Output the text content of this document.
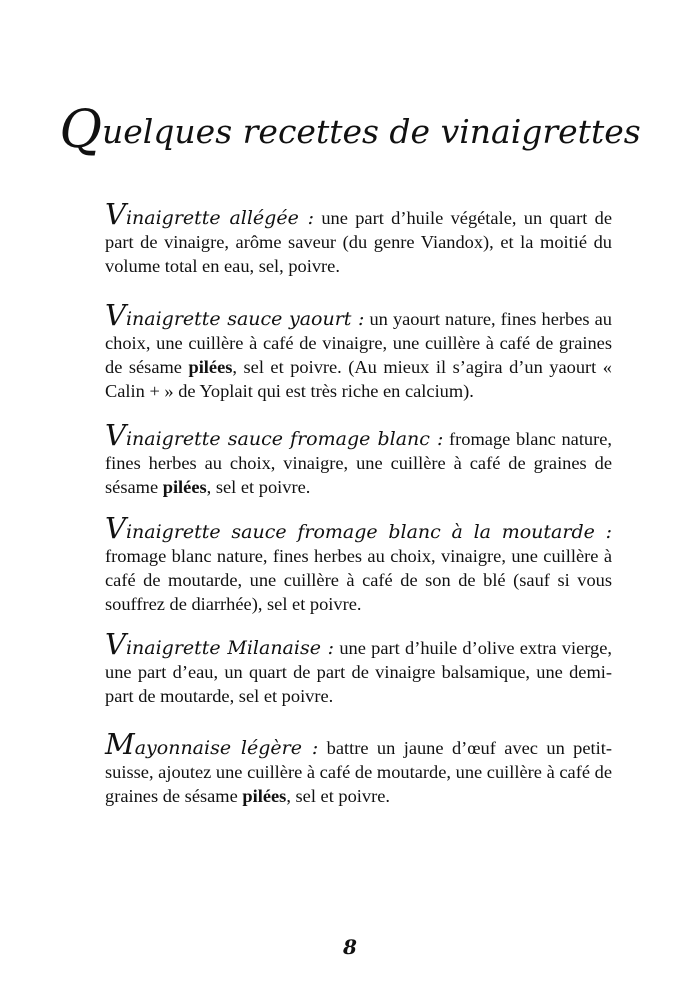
Quelques recettes de vinaigrettes

Vinaigrette allégée : une part d’huile végétale, un quart de part de vinaigre, arôme saveur (du genre Viandox), et la moitié du volume total en eau, sel, poivre.

Vinaigrette sauce yaourt : un yaourt nature, fines herbes au choix, une cuillère à café de vinaigre, une cuillère à café de graines de sésame pilées, sel et poivre. (Au mieux il s’agira d’un yaourt « Calin + » de Yoplait qui est très riche en calcium).

Vinaigrette sauce fromage blanc : fromage blanc nature, fines herbes au choix, vinaigre, une cuillère à café de graines de sésame pilées, sel et poivre.

Vinaigrette sauce fromage blanc à la moutarde : fromage blanc nature, fines herbes au choix, vinaigre, une cuillère à café de moutarde, une cuillère à café de son de blé (sauf si vous souffrez de diarrhée), sel et poivre.

Vinaigrette Milanaise : une part d’huile d’olive extra vierge, une part d’eau, un quart de part de vinaigre balsamique, une demi-part de moutarde, sel et poivre.

Mayonnaise légère : battre un jaune d’œuf avec un petit-suisse, ajoutez une cuillère à café de moutarde, une cuillère à café de graines de sésame pilées, sel et poivre.

8
